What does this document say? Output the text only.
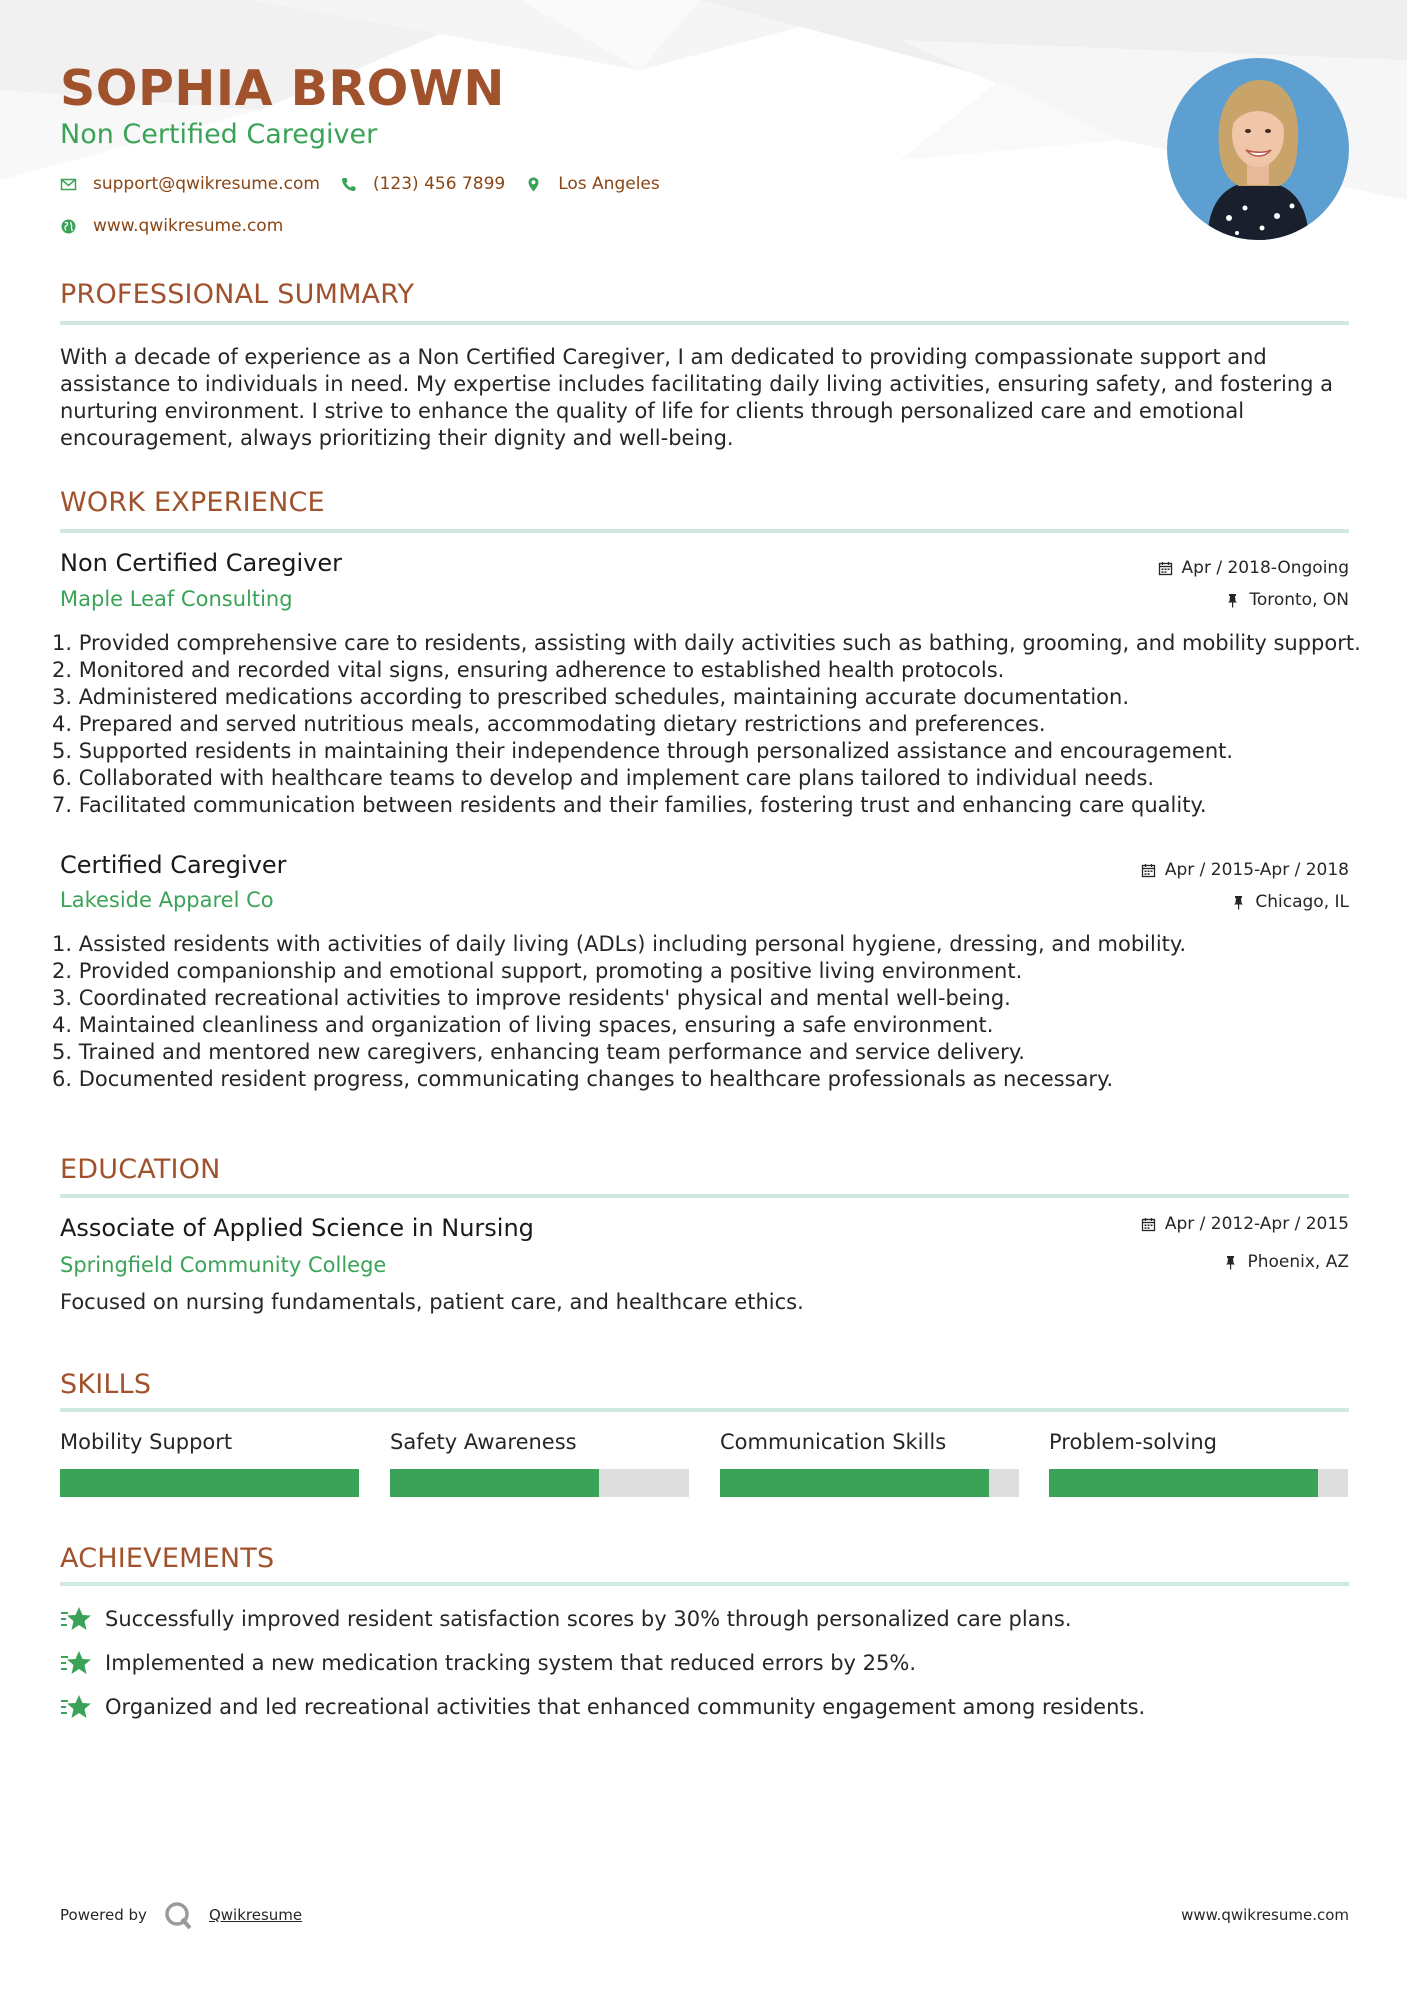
SOPHIA BROWN
Non Certified Caregiver
support@qwikresume.com	(123) 456 7899	Los Angeles
www.qwikresume.com
PROFESSIONAL SUMMARY
With a decade of experience as a Non Certified Caregiver, I am dedicated to providing compassionate support and
assistance to individuals in need. My expertise includes facilitating daily living activities, ensuring safety, and fostering a
nurturing environment. I strive to enhance the quality of life for clients through personalized care and emotional
encouragement, always prioritizing their dignity and well-being.
WORK EXPERIENCE
Non Certified Caregiver
Maple Leaf Consulting
Apr / 2018-Ongoing
Toronto, ON
1. Provided comprehensive care to residents, assisting with daily activities such as bathing, grooming, and mobility support.
2. Monitored and recorded vital signs, ensuring adherence to established health protocols.
3. Administered medications according to prescribed schedules, maintaining accurate documentation.
4. Prepared and served nutritious meals, accommodating dietary restrictions and preferences.
5. Supported residents in maintaining their independence through personalized assistance and encouragement.
6. Collaborated with healthcare teams to develop and implement care plans tailored to individual needs.
7. Facilitated communication between residents and their families, fostering trust and enhancing care quality.
Certified Caregiver
Lakeside Apparel Co
Apr / 2015-Apr / 2018
Chicago, IL
1. Assisted residents with activities of daily living (ADLs) including personal hygiene, dressing, and mobility.
2. Provided companionship and emotional support, promoting a positive living environment.
3. Coordinated recreational activities to improve residents' physical and mental well-being.
4. Maintained cleanliness and organization of living spaces, ensuring a safe environment.
5. Trained and mentored new caregivers, enhancing team performance and service delivery.
6. Documented resident progress, communicating changes to healthcare professionals as necessary.
EDUCATION
Associate of Applied Science in Nursing
Springfield Community College
Apr / 2012-Apr / 2015
Phoenix, AZ
Focused on nursing fundamentals, patient care, and healthcare ethics.
SKILLS
Mobility Support	Safety Awareness	Communication Skills	Problem-solving
ACHIEVEMENTS
Successfully improved resident satisfaction scores by 30% through personalized care plans.
Implemented a new medication tracking system that reduced errors by 25%.
Organized and led recreational activities that enhanced community engagement among residents.
Powered by	Qwikresume	www.qwikresume.com
